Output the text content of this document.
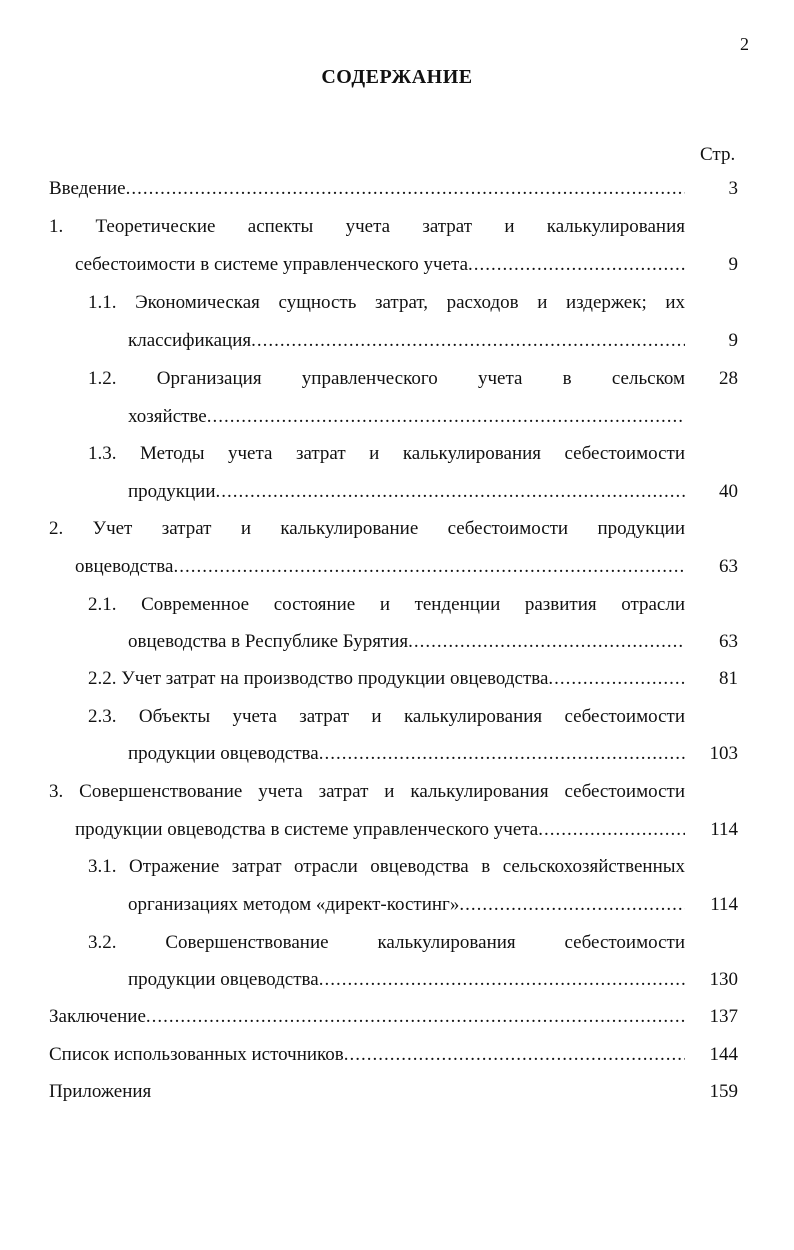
2
СОДЕРЖАНИЕ
Стр.
Введение .....	3
1. Теоретические аспекты учета затрат и калькулирования
себестоимости в системе управленческого учета .....	9
1.1. Экономическая сущность затрат, расходов и издержек; их
классификация .....	9
1.2. Организация управленческого учета в сельском	28
хозяйстве
.....
1.3. Методы учета затрат и калькулирования себестоимости
продукции .....	40
2. Учет затрат и калькулирование себестоимости продукции
овцеводства .....	63
2.1. Современное состояние и тенденции развития отрасли
овцеводства в Республике Бурятия .....	63
2.2. Учет затрат на производство продукции овцеводства .....	81
2.3. Объекты учета затрат и калькулирования себестоимости
продукции овцеводства .....	103
3. Совершенствование учета затрат и калькулирования себестоимости
продукции овцеводства в системе управленческого учета .....	114
3.1. Отражение затрат отрасли овцеводства в сельскохозяйственных
организациях методом «директ-костинг» .....	114
3.2. Совершенствование калькулирования себестоимости
продукции овцеводства .....	130
Заключение .....	137
Список использованных источников .....	144
Приложения	159
